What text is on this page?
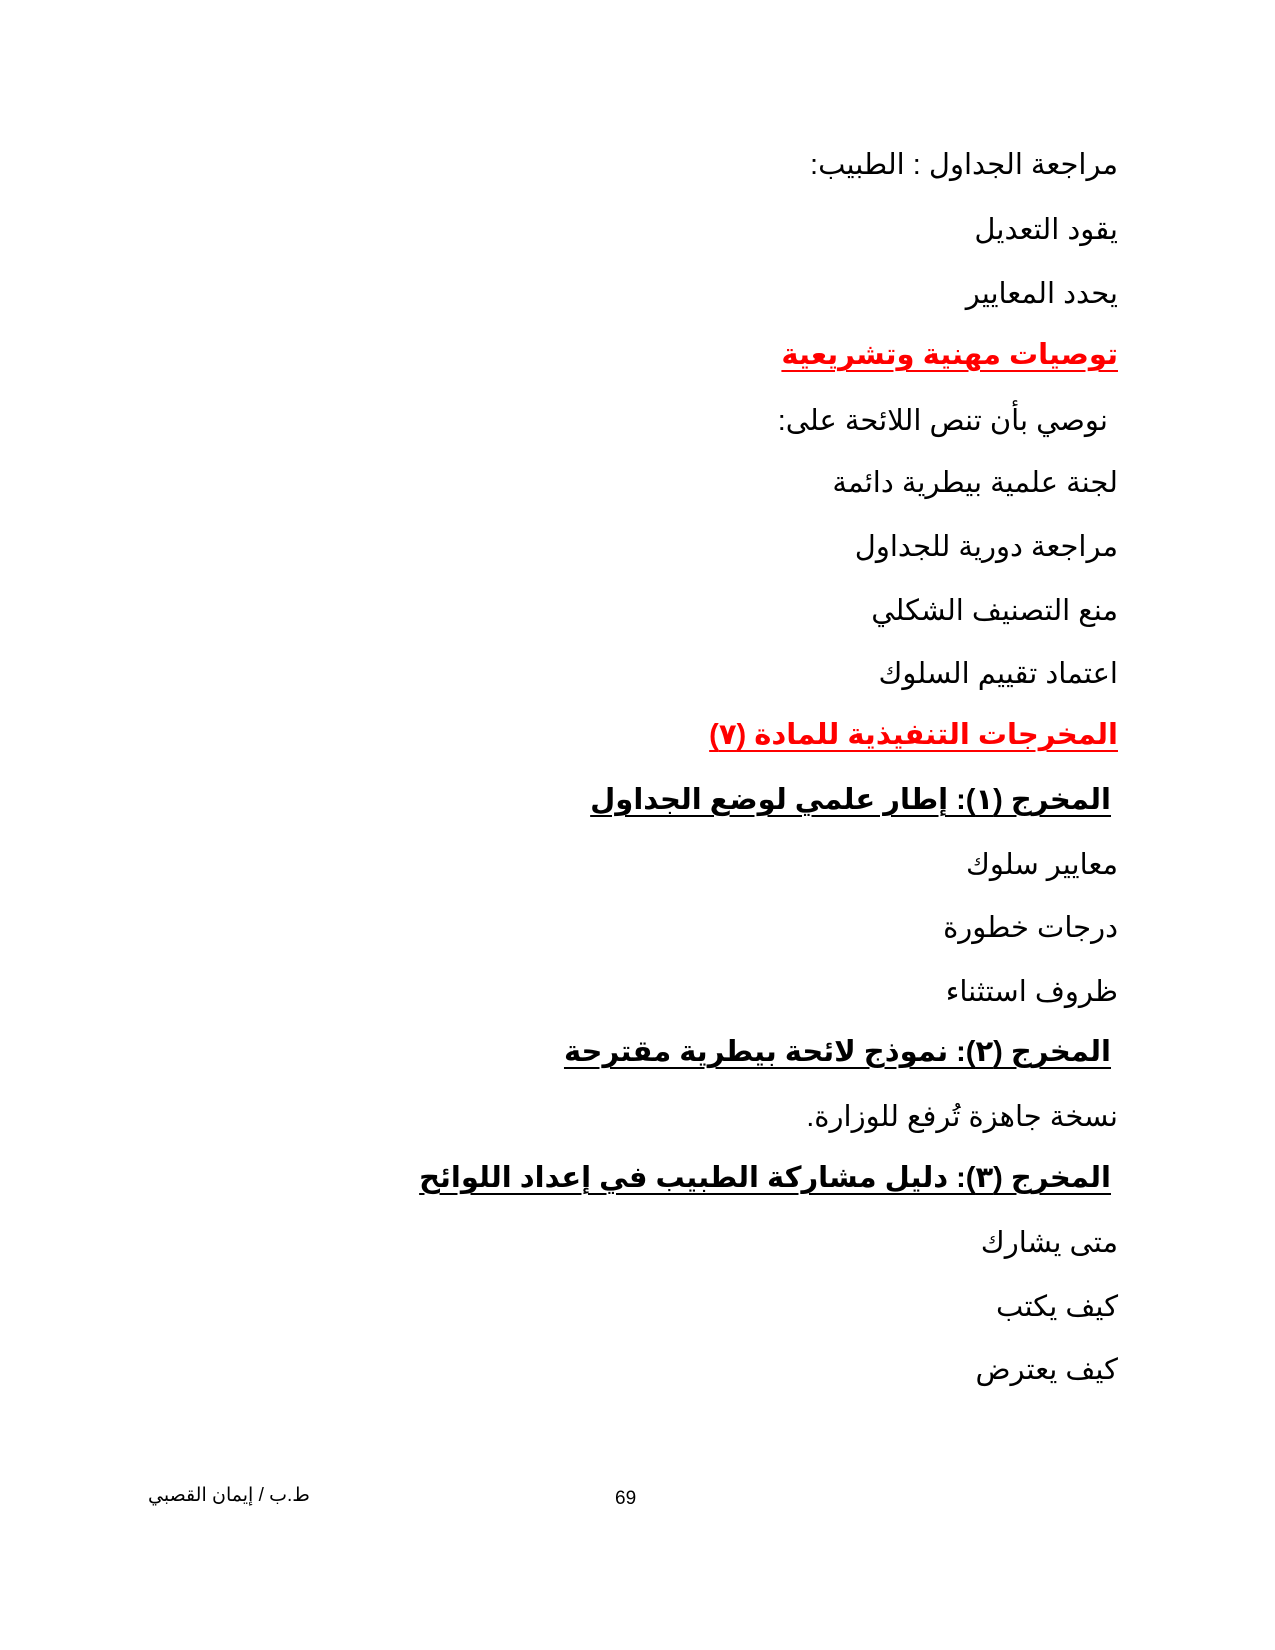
مراجعة الجداول : الطبيب:
يقود التعديل
يحدد المعايير
توصيات مهنية وتشريعية
نوصي بأن تنص اللائحة على:
لجنة علمية بيطرية دائمة
مراجعة دورية للجداول
منع التصنيف الشكلي
اعتماد تقييم السلوك
المخرجات التنفيذية للمادة (٧)
المخرج (١): إطار علمي لوضع الجداول
معايير سلوك
درجات خطورة
ظروف استثناء
المخرج (٢): نموذج لائحة بيطرية مقترحة
نسخة جاهزة تُرفع للوزارة.
المخرج (٣): دليل مشاركة الطبيب في إعداد اللوائح
متى يشارك
كيف يكتب
كيف يعترض
ط.ب / إيمان القصبي	69
